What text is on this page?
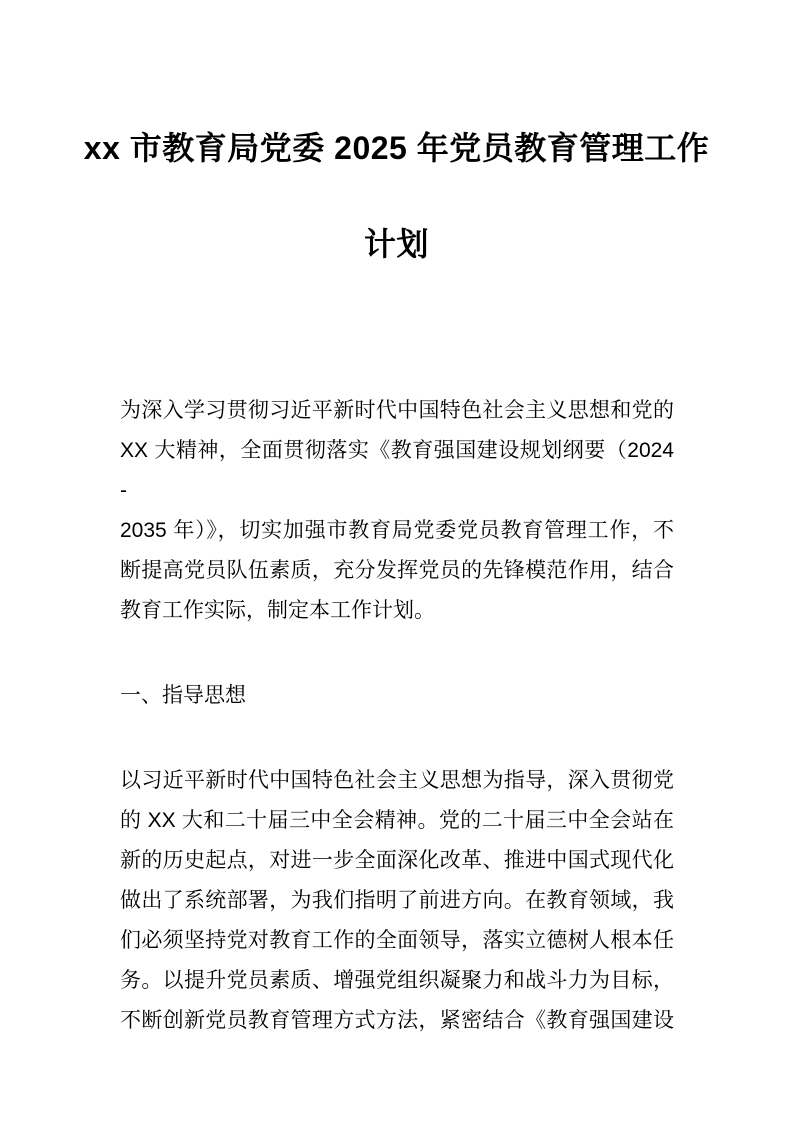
xx 市教育局党委 2025 年党员教育管理工作
计划
为深入学习贯彻习近平新时代中国特色社会主义思想和党的
XX 大精神，全面贯彻落实《教育强国建设规划纲要（2024 -
2035 年）》，切实加强市教育局党委党员教育管理工作，不
断提高党员队伍素质，充分发挥党员的先锋模范作用，结合
教育工作实际，制定本工作计划。
一、指导思想
以习近平新时代中国特色社会主义思想为指导，深入贯彻党
的 XX 大和二十届三中全会精神。党的二十届三中全会站在
新的历史起点，对进一步全面深化改革、推进中国式现代化
做出了系统部署，为我们指明了前进方向。在教育领域，我
们必须坚持党对教育工作的全面领导，落实立德树人根本任
务。以提升党员素质、增强党组织凝聚力和战斗力为目标，
不断创新党员教育管理方式方法，紧密结合《教育强国建设
